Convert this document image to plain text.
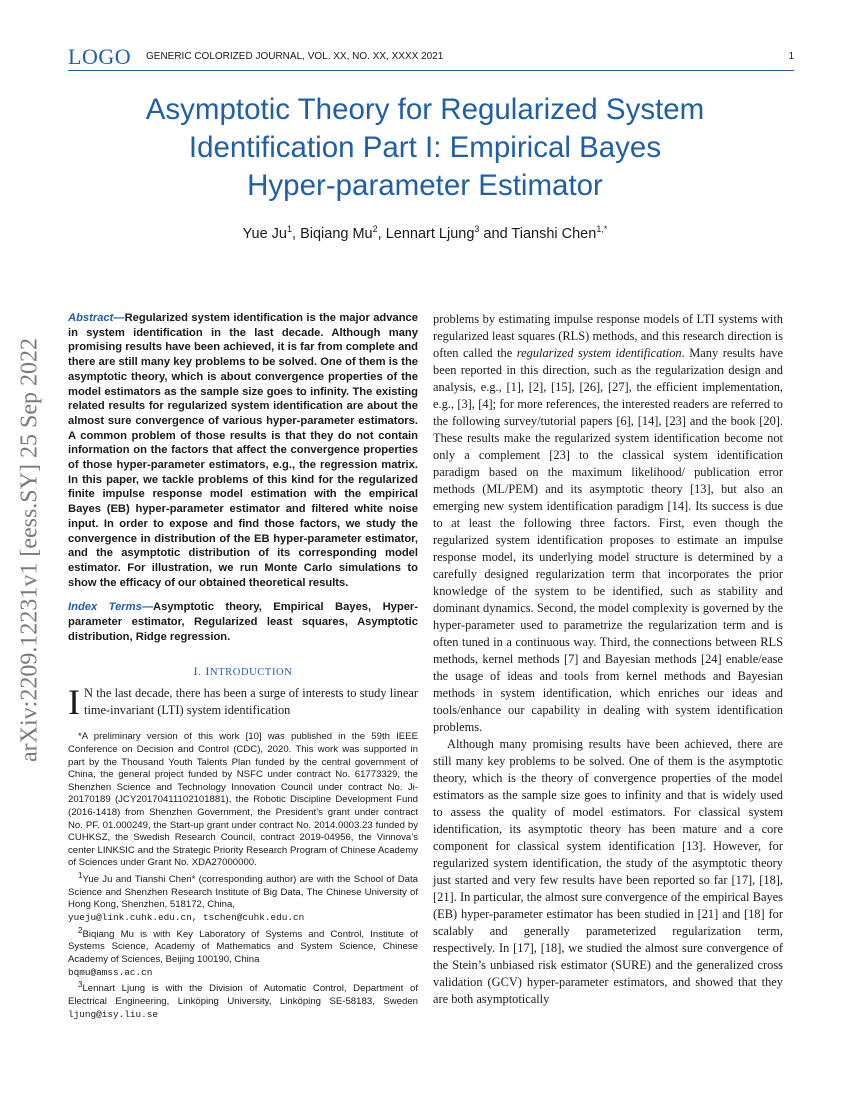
LOGO GENERIC COLORIZED JOURNAL, VOL. XX, NO. XX, XXXX 2021	1
Asymptotic Theory for Regularized System
Identification Part I: Empirical Bayes
Hyper-parameter Estimator
Yue Ju$^1$, Biqiang Mu$^2$, Lennart Ljung$^3$ and Tianshi Chen$^{1,*}$
arXiv:2209.12231v1 [eess.SY] 25 Sep 2022

Abstract—Regularized system identification is the major advance in system identification in the last decade. Although many promising results have been achieved, it is far from complete and there are still many key problems to be solved. One of them is the asymptotic theory, which is about convergence properties of the model estimators as the sample size goes to infinity. The existing related results for regularized system identification are about the almost sure convergence of various hyper-parameter estimators. A common problem of those results is that they do not contain information on the factors that affect the convergence properties of those hyper-parameter estimators, e.g., the regression matrix. In this paper, we tackle problems of this kind for the regularized finite impulse response model estimation with the empirical Bayes (EB) hyper-parameter estimator and filtered white noise input. In order to expose and find those factors, we study the convergence in distribution of the EB hyper-parameter estimator, and the asymptotic distribution of its corresponding model estimator. For illustration, we run Monte Carlo simulations to show the efficacy of our obtained theoretical results.

Index Terms—Asymptotic theory, Empirical Bayes, Hyper-parameter estimator, Regularized least squares, Asymptotic distribution, Ridge regression.

I. INTRODUCTION

I N the last decade, there has been a surge of interests to study linear time-invariant (LTI) system identification

*A preliminary version of this work [10] was published in the 59th IEEE Conference on Decision and Control (CDC), 2020. This work was supported in part by the Thousand Youth Talents Plan funded by the central government of China, the general project funded by NSFC under contract No. 61773329, the Shenzhen Science and Technology Innovation Council under contract No. Ji-20170189 (JCY20170411102101881), the Robotic Discipline Development Fund (2016-1418) from Shenzhen Government, the President’s grant under contract No. PF. 01.000249, the Start-up grant under contract No. 2014.0003.23 funded by CUHKSZ, the Swedish Research Council, contract 2019-04956, the Vinnova’s center LINKSIC and the Strategic Priority Research Program of Chinese Academy of Sciences under Grant No. XDA27000000.

$^1$Yue Ju and Tianshi Chen* (corresponding author) are with the School of Data Science and Shenzhen Research Institute of Big Data, The Chinese University of Hong Kong, Shenzhen, 518172, China,
yueju@link.cuhk.edu.cn, tschen@cuhk.edu.cn

$^2$Biqiang Mu is with Key Laboratory of Systems and Control, Institute of Systems Science, Academy of Mathematics and System Science, Chinese Academy of Sciences, Beijing 100190, China
bqmu@amss.ac.cn

$^3$Lennart Ljung is with the Division of Automatic Control, Department of Electrical Engineering, Linköping University, Linköping SE-58183, Sweden ljung@isy.liu.se

problems by estimating impulse response models of LTI systems with regularized least squares (RLS) methods, and this research direction is often called the regularized system identification. Many results have been reported in this direction, such as the regularization design and analysis, e.g., [1], [2], [15], [26], [27], the efficient implementation, e.g., [3], [4]; for more references, the interested readers are referred to the following survey/tutorial papers [6], [14], [23] and the book [20]. These results make the regularized system identification become not only a complement [23] to the classical system identification paradigm based on the maximum likelihood/ publication error methods (ML/PEM) and its asymptotic theory [13], but also an emerging new system identification paradigm [14]. Its success is due to at least the following three factors. First, even though the regularized system identification proposes to estimate an impulse response model, its underlying model structure is determined by a carefully designed regularization term that incorporates the prior knowledge of the system to be identified, such as stability and dominant dynamics. Second, the model complexity is governed by the hyper-parameter used to parametrize the regularization term and is often tuned in a continuous way. Third, the connections between RLS methods, kernel methods [7] and Bayesian methods [24] enable/ease the usage of ideas and tools from kernel methods and Bayesian methods in system identification, which enriches our ideas and tools/enhance our capability in dealing with system identification problems.

Although many promising results have been achieved, there are still many key problems to be solved. One of them is the asymptotic theory, which is the theory of convergence properties of the model estimators as the sample size goes to infinity and that is widely used to assess the quality of model estimators. For classical system identification, its asymptotic theory has been mature and a core component for classical system identification [13]. However, for regularized system identification, the study of the asymptotic theory just started and very few results have been reported so far [17], [18], [21]. In particular, the almost sure convergence of the empirical Bayes (EB) hyper-parameter estimator has been studied in [21] and [18] for scalably and generally parameterized regularization term, respectively. In [17], [18], we studied the almost sure convergence of the Stein’s unbiased risk estimator (SURE) and the generalized cross validation (GCV) hyper-parameter estimators, and showed that they are both asymptotically
